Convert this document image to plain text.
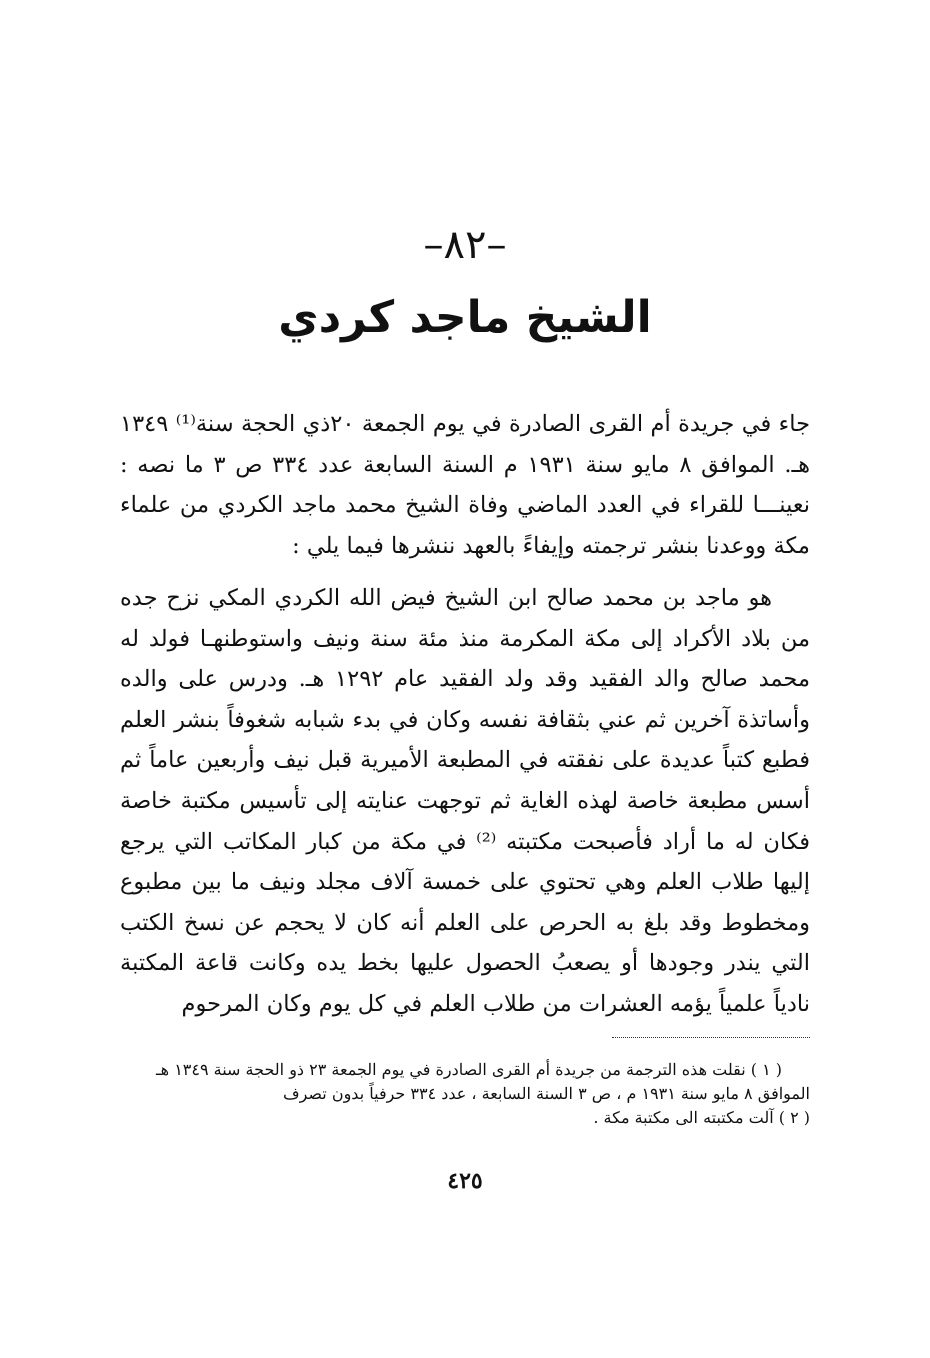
–٨٢–
الشيخ ماجد كردي
جاء في جريدة أم القرى الصادرة في يوم الجمعة ٢٠ذي الحجة سنة⁽¹⁾ ١٣٤٩ هـ. الموافق ٨ مايو سنة ١٩٣١ م السنة السابعة عدد ٣٣٤ ص ٣ ما نصه : نعينـــا للقراء في العدد الماضي وفاة الشيخ محمد ماجد الكردي من علماء مكة ووعدنا بنشر ترجمته وإيفاءً بالعهد ننشرها فيما يلي :
هو ماجد بن محمد صالح ابن الشيخ فيض الله الكردي المكي نزح جده من بلاد الأكراد إلى مكة المكرمة منذ مئة سنة ونيف واستوطنهـا فولد له محمد صالح والد الفقيد وقد ولد الفقيد عام ١٢٩٢ هـ. ودرس على والده وأساتذة آخرين ثم عني بثقافة نفسه وكان في بدء شبابه شغوفاً بنشر العلم فطبع كتباً عديدة على نفقته في المطبعة الأميرية قبل نيف وأربعين عاماً ثم أسس مطبعة خاصة لهذه الغاية ثم توجهت عنايته إلى تأسيس مكتبة خاصة فكان له ما أراد فأصبحت مكتبته ⁽²⁾ في مكة من كبار المكاتب التي يرجع إليها طلاب العلم وهي تحتوي على خمسة آلاف مجلد ونيف ما بين مطبوع ومخطوط وقد بلغ به الحرص على العلم أنه كان لا يحجم عن نسخ الكتب التي يندر وجودها أو يصعبُ الحصول عليها بخط يده وكانت قاعة المكتبة نادياً علمياً يؤمه العشرات من طلاب العلم في كل يوم وكان المرحوم
( ١ ) نقلت هذه الترجمة من جريدة أم القرى الصادرة في يوم الجمعة ٢٣ ذو الحجة سنة ١٣٤٩ هـ الموافق ٨ مايو سنة ١٩٣١ م ، ص ٣ السنة السابعة ، عدد ٣٣٤ حرفياً بدون تصرف
( ٢ ) آلت مكتبته الى مكتبة مكة .
٤٢٥
